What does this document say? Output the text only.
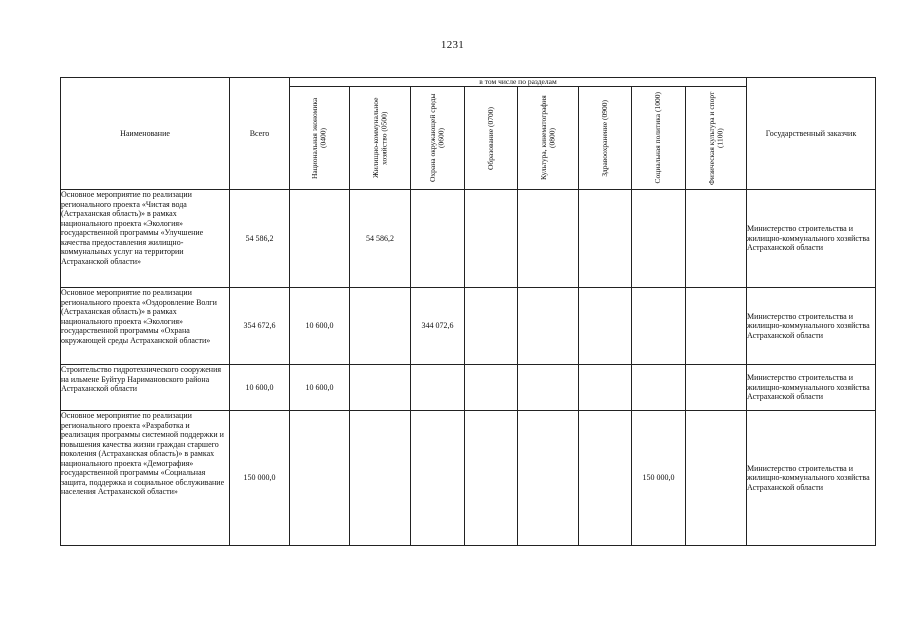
1231
Наименование	Всего	в том числе по разделам								Государственный заказчик

		Национальная экономика (0400)	Жилищно-коммунальное хозяйство (0500)	Охрана окружающей среды (0600)	Образование (0700)	Культура, кинематография (0800)	Здравоохранение (0900)	Социальная политика (1000)	Физическая культура и спорт (1100)	

Основное мероприятие по реализации регионального проекта «Чистая вода (Астраханская область)» в рамках национального проекта «Экология» государственной программы «Улучшение качества предоставления жилищно-коммунальных услуг на территории Астраханской области»	54 586,2		54 586,2							Министерство строительства и жилищно-коммунального хозяйства Астраханской области
Основное мероприятие по реализации регионального проекта «Оздоровление Волги (Астраханская область)» в рамках национального проекта «Экология» государственной программы «Охрана окружающей среды Астраханской области»	354 672,6	10 600,0		344 072,6						Министерство строительства и жилищно-коммунального хозяйства Астраханской области
Строительство гидротехнического сооружения на ильмене Буйтур Наримановского района Астраханской области	10 600,0	10 600,0								Министерство строительства и жилищно-коммунального хозяйства Астраханской области
Основное мероприятие по реализации регионального проекта «Разработка и реализация программы системной поддержки и повышения качества жизни граждан старшего поколения (Астраханская область)» в рамках национального проекта «Демография» государственной программы «Социальная защита, поддержка и социальное обслуживание населения Астраханской области»	150 000,0							150 000,0		Министерство строительства и жилищно-коммунального хозяйства Астраханской области
